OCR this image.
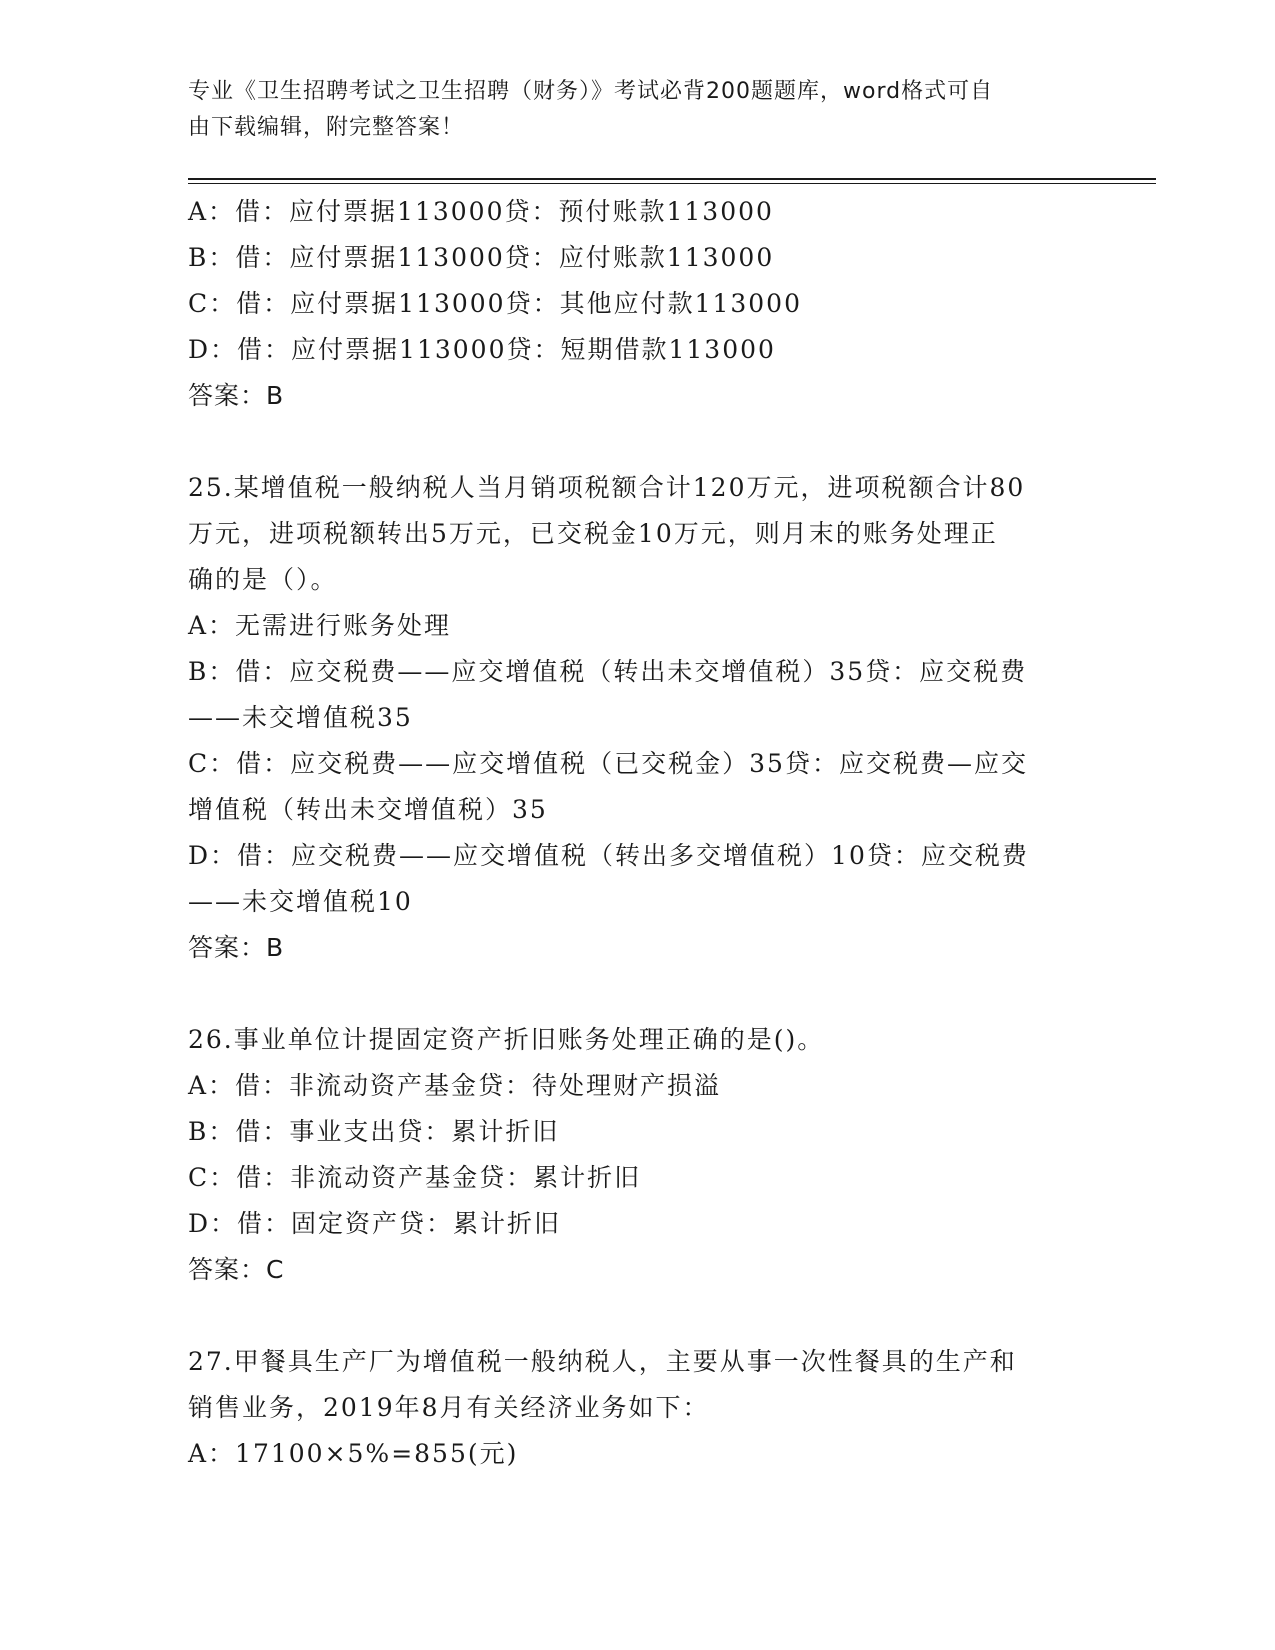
专业《卫生招聘考试之卫生招聘（财务）》考试必背200题题库，word格式可自
由下载编辑，附完整答案！
A：借：应付票据113000贷：预付账款113000
B：借：应付票据113000贷：应付账款113000
C：借：应付票据113000贷：其他应付款113000
D：借：应付票据113000贷：短期借款113000
答案：B
25.某增值税一般纳税人当月销项税额合计120万元，进项税额合计80
万元，进项税额转出5万元，已交税金10万元，则月末的账务处理正
确的是（）。
A：无需进行账务处理
B：借：应交税费——应交增值税（转出未交增值税）35贷：应交税费
——未交增值税35
C：借：应交税费——应交增值税（已交税金）35贷：应交税费—应交
增值税（转出未交增值税）35
D：借：应交税费——应交增值税（转出多交增值税）10贷：应交税费
——未交增值税10
答案：B
26.事业单位计提固定资产折旧账务处理正确的是()。
A：借：非流动资产基金贷：待处理财产损溢
B：借：事业支出贷：累计折旧
C：借：非流动资产基金贷：累计折旧
D：借：固定资产贷：累计折旧
答案：C
27.甲餐具生产厂为增值税一般纳税人，主要从事一次性餐具的生产和
销售业务，2019年8月有关经济业务如下：
A：17100×5%=855(元)
